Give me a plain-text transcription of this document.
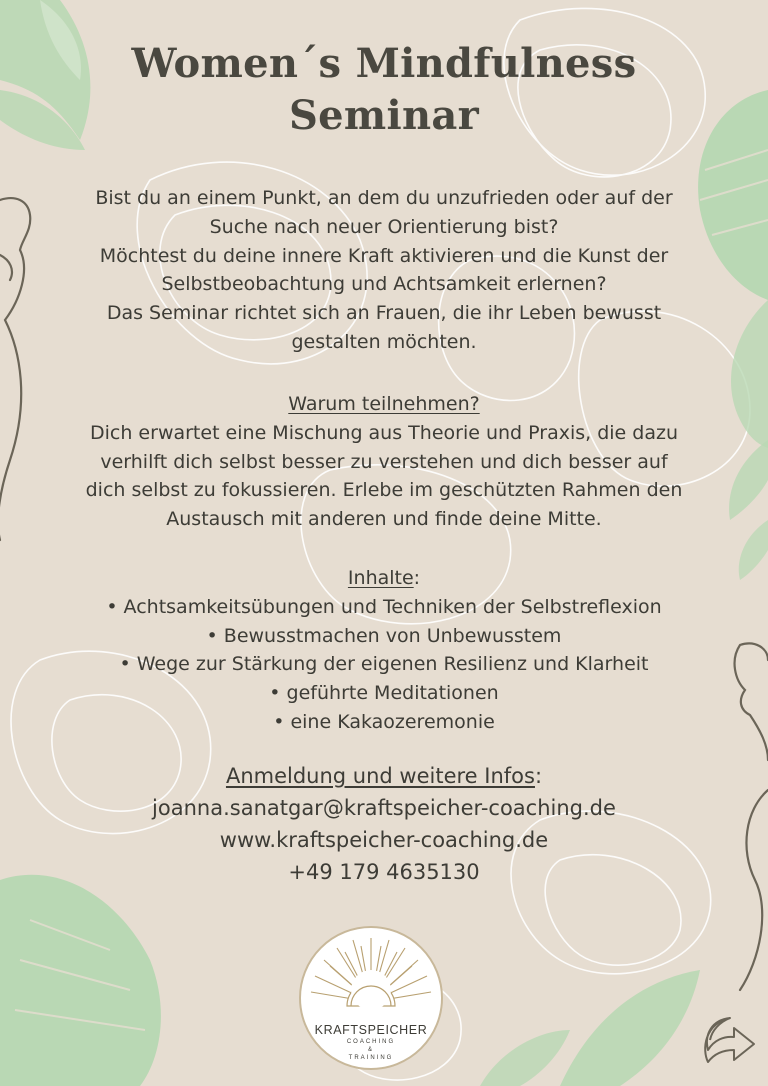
Women´s Mindfulness
Seminar
Bist du an einem Punkt, an dem du unzufrieden oder auf der
Suche nach neuer Orientierung bist?
Möchtest du deine innere Kraft aktivieren und die Kunst der
Selbstbeobachtung und Achtsamkeit erlernen?
Das Seminar richtet sich an Frauen, die ihr Leben bewusst
gestalten möchten.
Warum teilnehmen?
Dich erwartet eine Mischung aus Theorie und Praxis, die dazu
verhilft dich selbst besser zu verstehen und dich besser auf
dich selbst zu fokussieren. Erlebe im geschützten Rahmen den
Austausch mit anderen und finde deine Mitte.
Inhalte:
• Achtsamkeitsübungen und Techniken der Selbstreflexion
• Bewusstmachen von Unbewusstem
• Wege zur Stärkung der eigenen Resilienz und Klarheit
• geführte Meditationen
• eine Kakaozeremonie
Anmeldung und weitere Infos:
joanna.sanatgar@kraftspeicher-coaching.de
www.kraftspeicher-coaching.de
+49 179 4635130
KRAFTSPEICHER
COACHING
&
TRAINING
